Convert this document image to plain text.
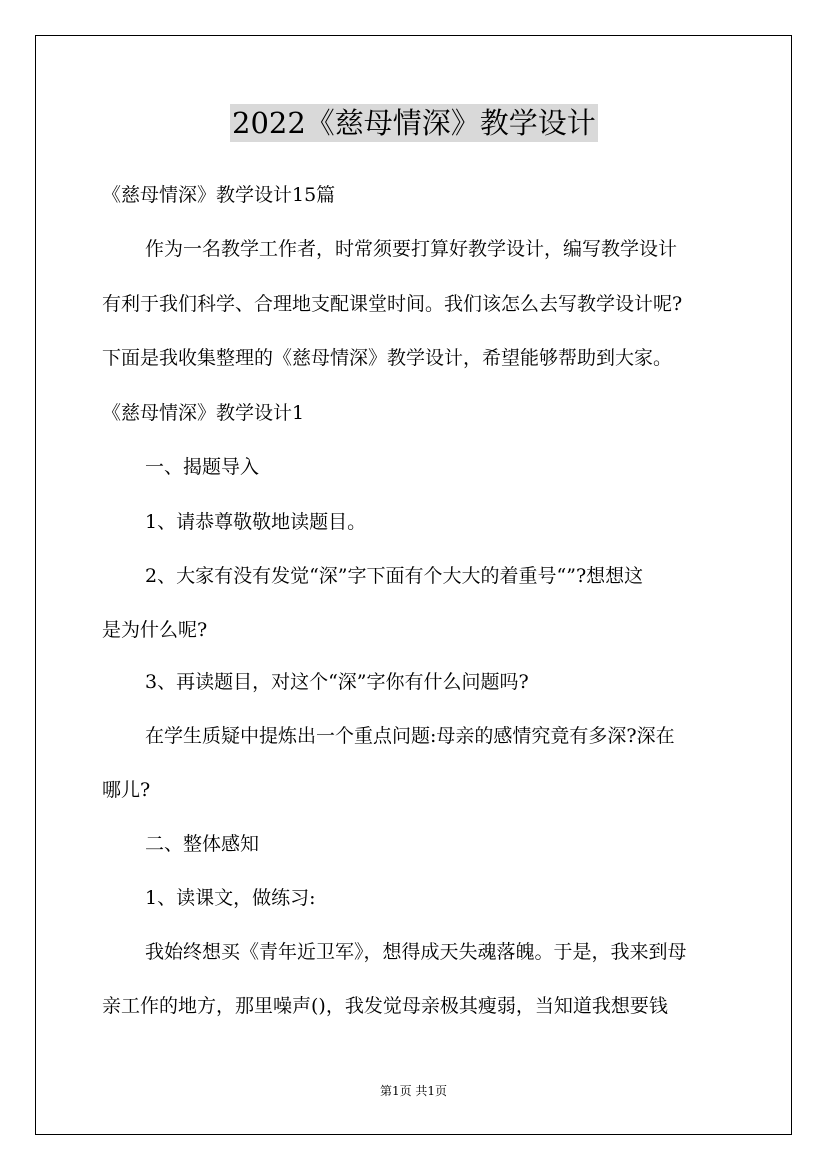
2022《慈母情深》教学设计
《慈母情深》教学设计15篇
作为一名教学工作者，时常须要打算好教学设计，编写教学设计
有利于我们科学、合理地支配课堂时间。我们该怎么去写教学设计呢?
下面是我收集整理的《慈母情深》教学设计，希望能够帮助到大家。
《慈母情深》教学设计1
一、揭题导入
1、请恭尊敬敬地读题目。
2、大家有没有发觉“深”字下面有个大大的着重号“”?想想这
是为什么呢?
3、再读题目，对这个“深”字你有什么问题吗?
在学生质疑中提炼出一个重点问题:母亲的感情究竟有多深?深在
哪儿?
二、整体感知
1、读课文，做练习:
我始终想买《青年近卫军》，想得成天失魂落魄。于是，我来到母
亲工作的地方，那里噪声()，我发觉母亲极其瘦弱，当知道我想要钱
第1页 共1页
